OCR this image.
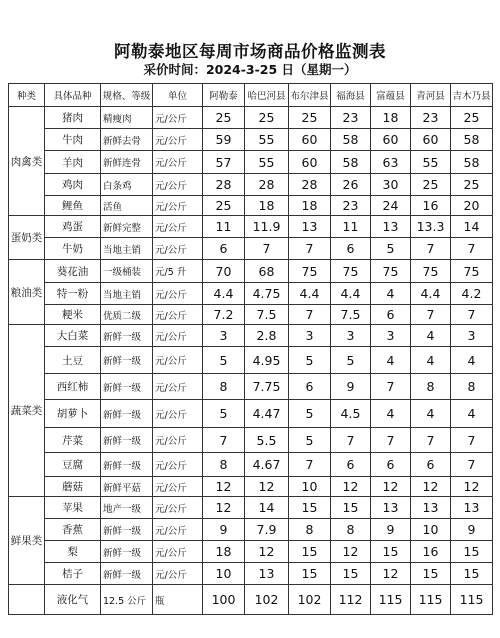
阿勒泰地区每周市场商品价格监测表
采价时间：2024-3-25 日（星期一）
种类	具体品种	规格、等级	单位	阿勒泰	哈巴河县	布尔津县	福海县	富蕴县	青河县	吉木乃县
肉禽类	猪肉	精瘦肉	元/公斤	25	25	25	23	18	23	25
	牛肉	新鲜去骨	元/公斤	59	55	60	58	60	60	58
	羊肉	新鲜连骨	元/公斤	57	55	60	58	63	55	58
	鸡肉	白条鸡	元/公斤	28	28	28	26	30	25	25
	鲤鱼	活鱼	元/公斤	25	18	18	23	24	16	20
蛋奶类	鸡蛋	新鲜完整	元/公斤	11	11.9	13	11	13	13.3	14
	牛奶	当地主销	元/公斤	6	7	7	6	5	7	7
粮油类	葵花油	一级桶装	元/5 升	70	68	75	75	75	75	75
	特一粉	当地主销	元/公斤	4.4	4.75	4.4	4.4	4	4.4	4.2
	粳米	优质二级	元/公斤	7.2	7.5	7	7.5	6	7	7
蔬菜类	大白菜	新鲜一级	元/公斤	3	2.8	3	3	3	4	3
	土豆	新鲜一级	元/公斤	5	4.95	5	5	4	4	4
	西红柿	新鲜一级	元/公斤	8	7.75	6	9	7	8	8
	胡萝卜	新鲜一级	元/公斤	5	4.47	5	4.5	4	4	4
	芹菜	新鲜一级	元/公斤	7	5.5	5	7	7	7	7
	豆腐	新鲜一级	元/公斤	8	4.67	7	6	6	6	7
	蘑菇	新鲜平菇	元/公斤	12	12	10	12	12	12	12
鲜果类	苹果	地产一级	元/公斤	12	14	15	15	13	13	13
	香蕉	新鲜一级	元/公斤	9	7.9	8	8	9	10	9
	梨	新鲜一级	元/公斤	18	12	15	12	15	16	15
	桔子	新鲜一级	元/公斤	10	13	15	15	12	15	15
	液化气	12.5 公斤	瓶	100	102	102	112	115	115	115
